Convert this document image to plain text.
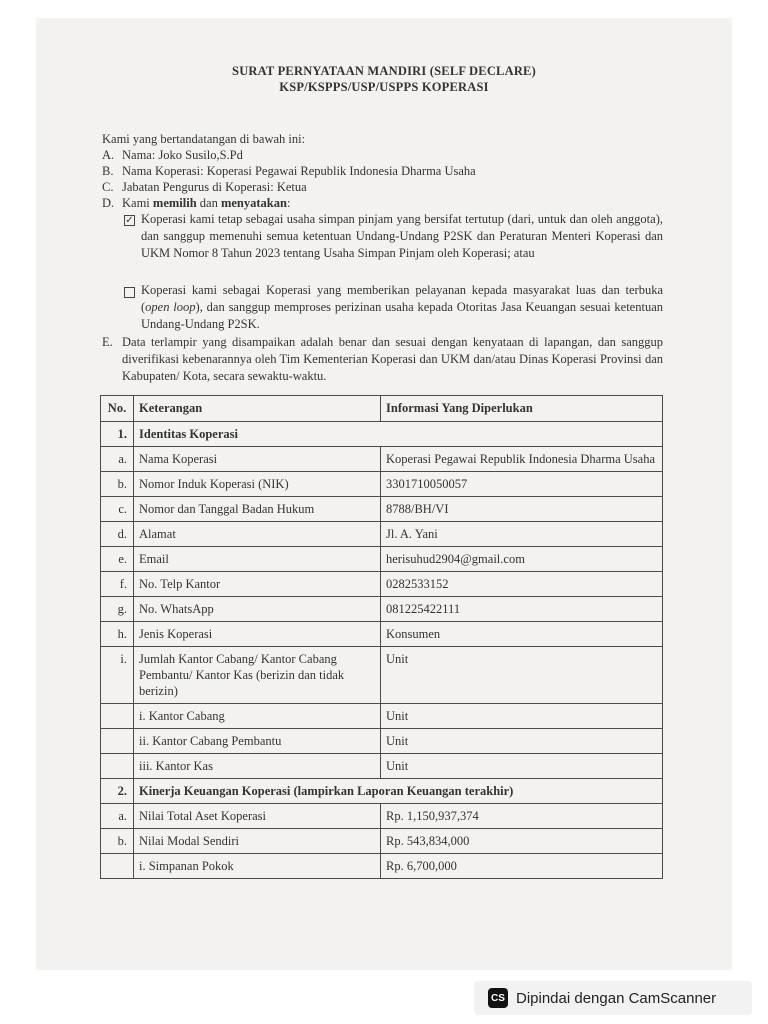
SURAT PERNYATAAN MANDIRI (SELF DECLARE)
KSP/KSPPS/USP/USPPS KOPERASI
Kami yang bertandatangan di bawah ini:
A. Nama: Joko Susilo,S.Pd
B. Nama Koperasi: Koperasi Pegawai Republik Indonesia Dharma Usaha
C. Jabatan Pengurus di Koperasi: Ketua
D. Kami memilih dan menyatakan:
✓ Koperasi kami tetap sebagai usaha simpan pinjam yang bersifat tertutup (dari, untuk dan oleh anggota), dan sanggup memenuhi semua ketentuan Undang-Undang P2SK dan Peraturan Menteri Koperasi dan UKM Nomor 8 Tahun 2023 tentang Usaha Simpan Pinjam oleh Koperasi; atau
Koperasi kami sebagai Koperasi yang memberikan pelayanan kepada masyarakat luas dan terbuka (open loop), dan sanggup memproses perizinan usaha kepada Otoritas Jasa Keuangan sesuai ketentuan Undang-Undang P2SK.
E. Data terlampir yang disampaikan adalah benar dan sesuai dengan kenyataan di lapangan, dan sanggup diverifikasi kebenarannya oleh Tim Kementerian Koperasi dan UKM dan/atau Dinas Koperasi Provinsi dan Kabupaten/ Kota, secara sewaktu-waktu.
No.	Keterangan	Informasi Yang Diperlukan
1.	Identitas Koperasi	
a.	Nama Koperasi	Koperasi Pegawai Republik Indonesia Dharma Usaha
b.	Nomor Induk Koperasi (NIK)	3301710050057
c.	Nomor dan Tanggal Badan Hukum	8788/BH/VI
d.	Alamat	Jl. A. Yani
e.	Email	herisuhud2904@gmail.com
f.	No. Telp Kantor	0282533152
g.	No. WhatsApp	081225422111
h.	Jenis Koperasi	Konsumen
i.	Jumlah Kantor Cabang/ Kantor Cabang Pembantu/ Kantor Kas (berizin dan tidak berizin)	Unit
	i. Kantor Cabang	Unit
	ii. Kantor Cabang Pembantu	Unit
	iii. Kantor Kas	Unit
2.	Kinerja Keuangan Koperasi (lampirkan Laporan Keuangan terakhir)	
a.	Nilai Total Aset Koperasi	Rp. 1,150,937,374
b.	Nilai Modal Sendiri	Rp. 543,834,000
	i. Simpanan Pokok	Rp. 6,700,000
CS Dipindai dengan CamScanner
